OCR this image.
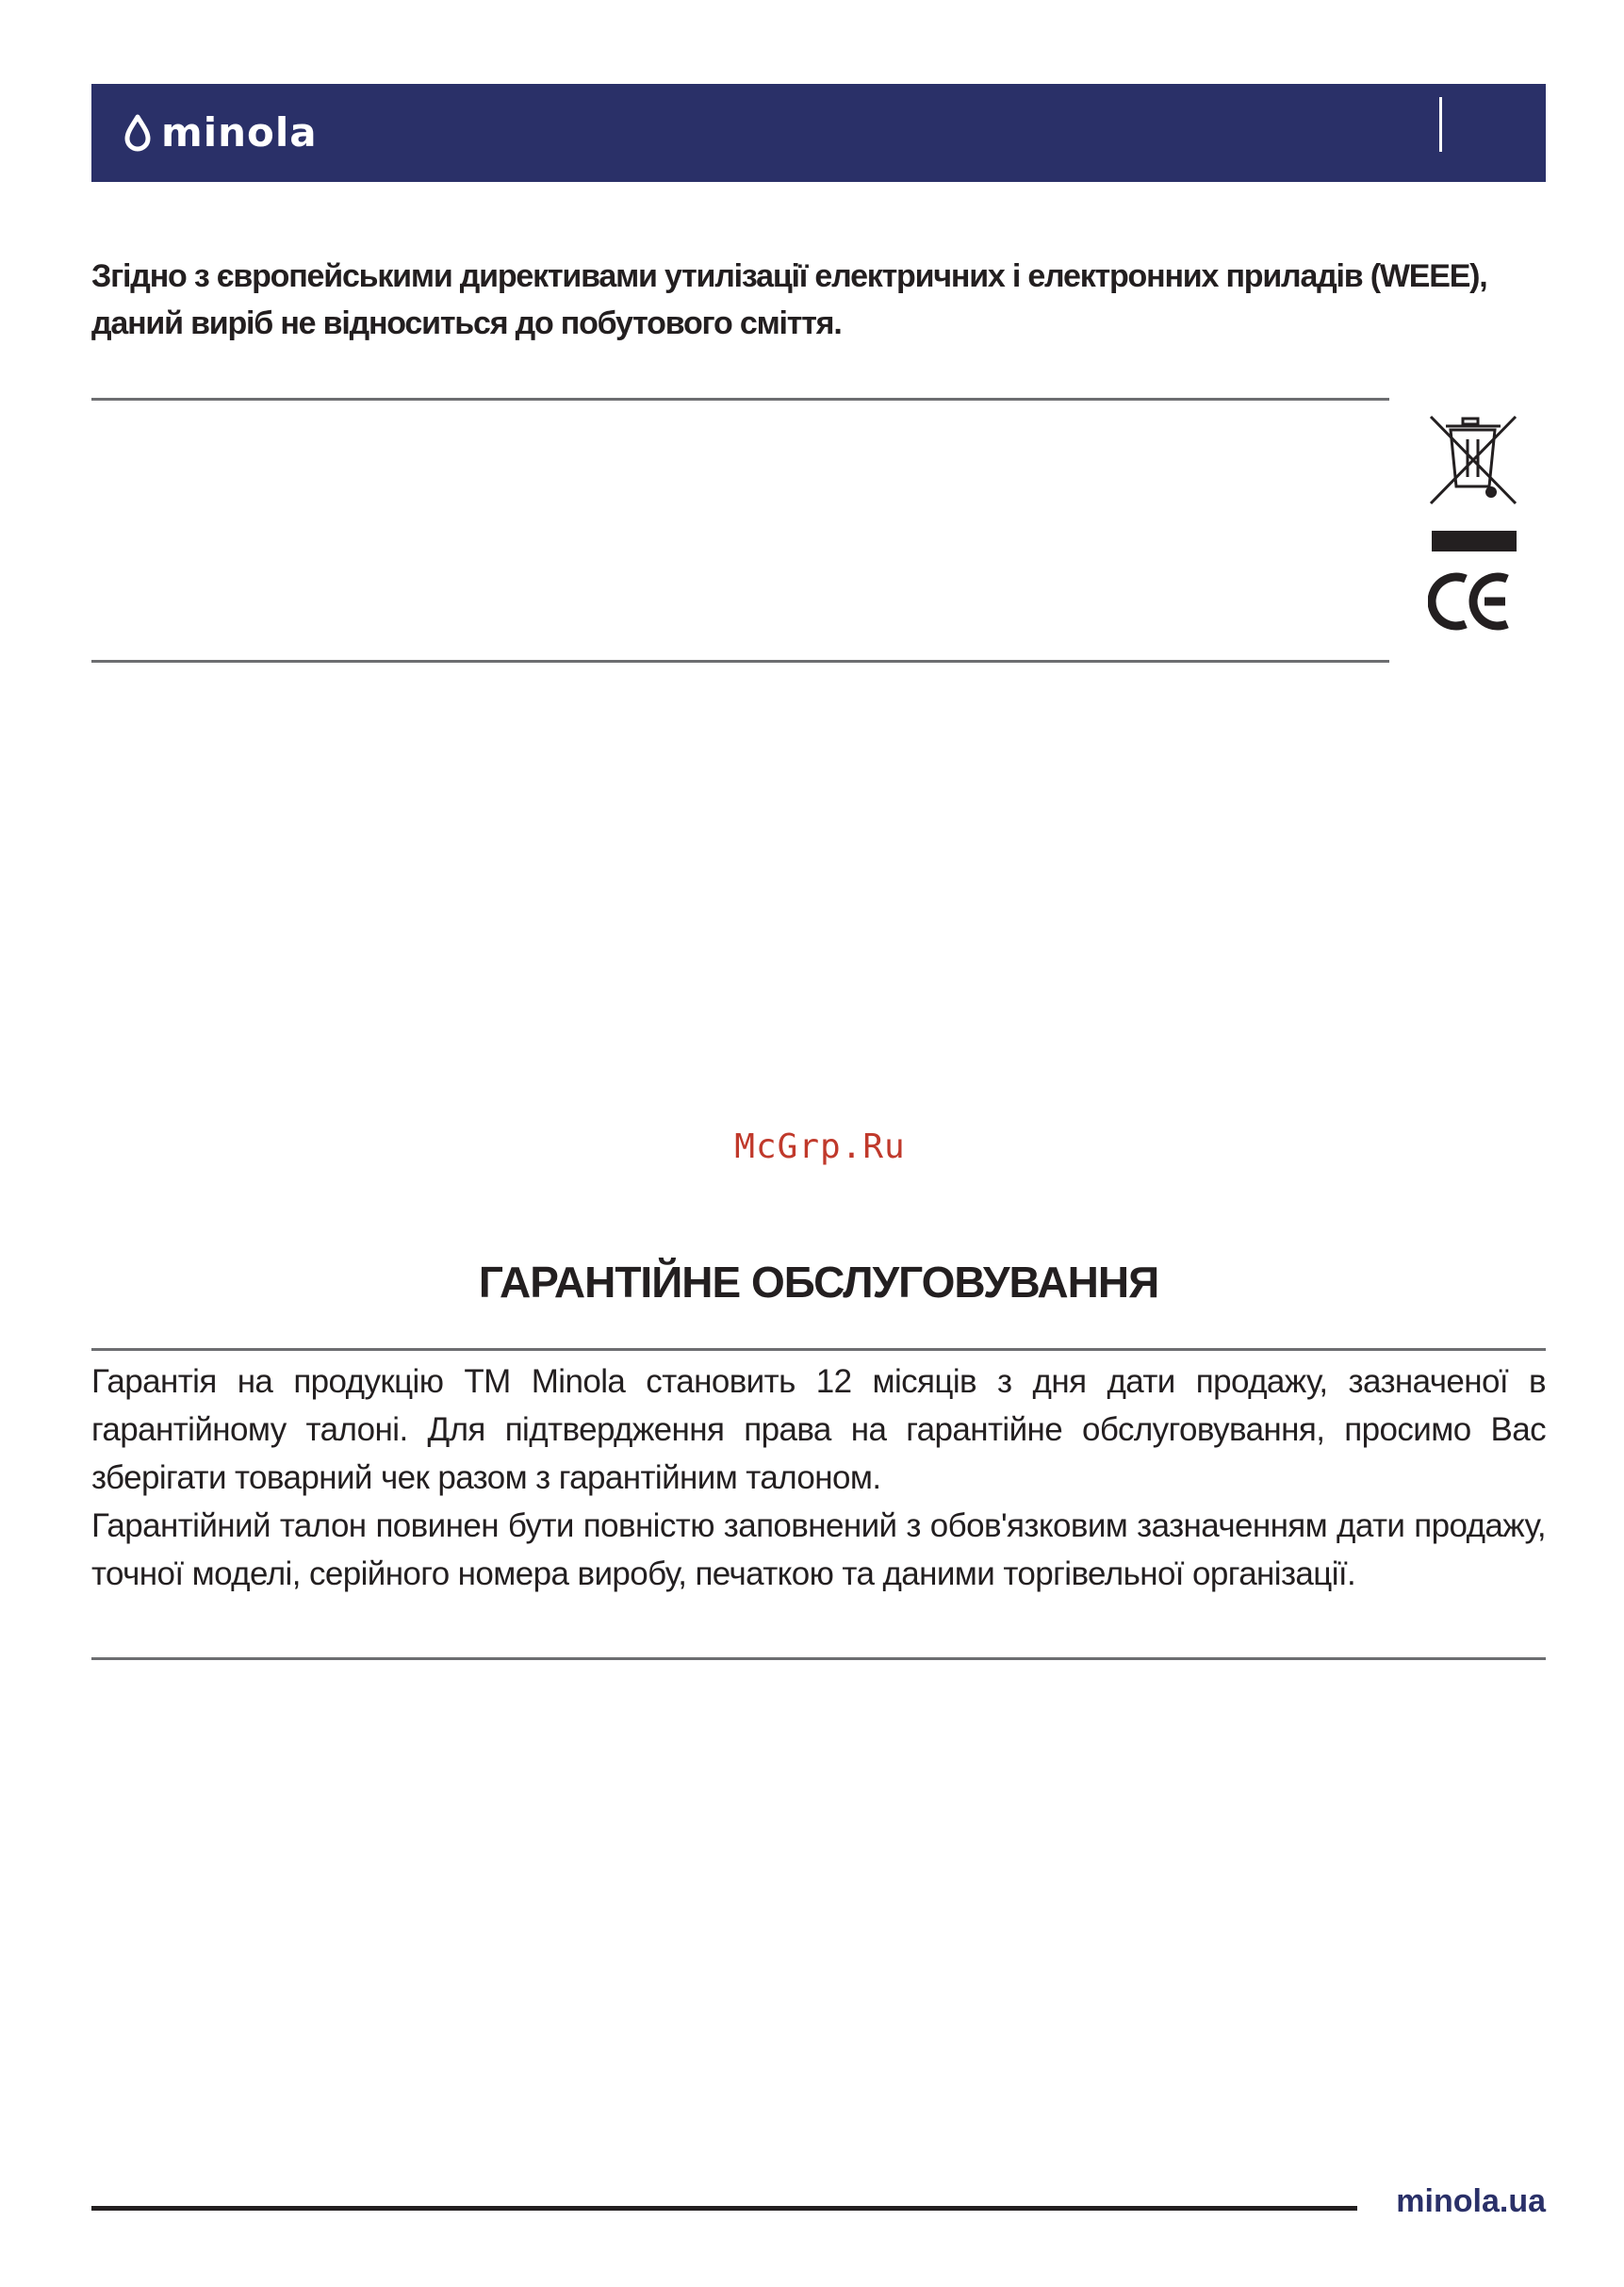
minola

Згідно з європейськими директивами утилізації електричних і електронних приладів (WEEE), даний виріб не відноситься до побутового сміття.

McGrp.Ru
ГАРАНТІЙНЕ ОБСЛУГОВУВАННЯ

Гарантія на продукцію ТМ Minola становить 12 місяців з дня дати продажу, зазначеної в гарантійному талоні. Для підтвердження права на гарантійне обслуговування, просимо Вас зберігати товарний чек разом з гарантійним талоном.

Гарантійний талон повинен бути повністю заповнений з обов'язковим зазначенням дати продажу, точної моделі, серійного номера виробу, печаткою та даними торгівельної організації.

minola.ua
